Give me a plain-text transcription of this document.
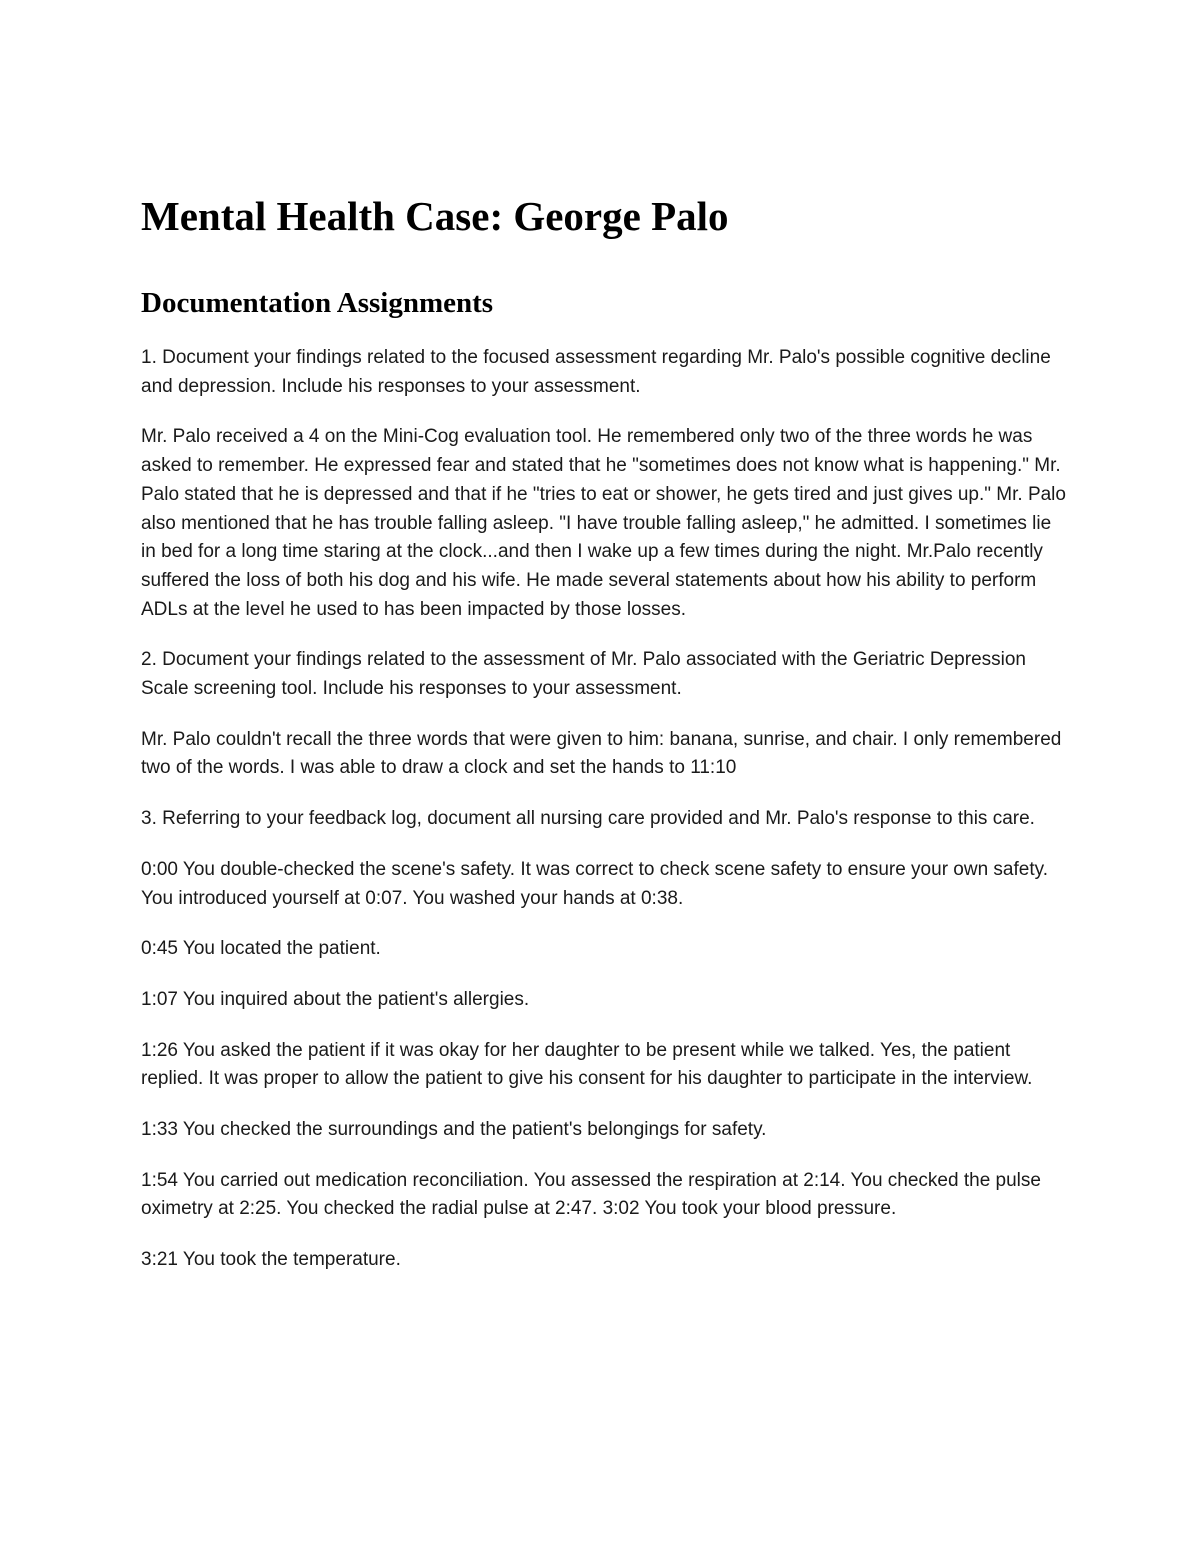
Mental Health Case: George Palo
Documentation Assignments

1. Document your findings related to the focused assessment regarding Mr. Palo's possible cognitive decline and depression. Include his responses to your assessment.

Mr. Palo received a 4 on the Mini-Cog evaluation tool. He remembered only two of the three words he was asked to remember. He expressed fear and stated that he "sometimes does not know what is happening." Mr. Palo stated that he is depressed and that if he "tries to eat or shower, he gets tired and just gives up." Mr. Palo also mentioned that he has trouble falling asleep. "I have trouble falling asleep," he admitted. I sometimes lie in bed for a long time staring at the clock...and then I wake up a few times during the night. Mr.Palo recently suffered the loss of both his dog and his wife. He made several statements about how his ability to perform ADLs at the level he used to has been impacted by those losses.

2. Document your findings related to the assessment of Mr. Palo associated with the Geriatric Depression Scale screening tool. Include his responses to your assessment.

Mr. Palo couldn't recall the three words that were given to him: banana, sunrise, and chair. I only remembered two of the words. I was able to draw a clock and set the hands to 11:10

3. Referring to your feedback log, document all nursing care provided and Mr. Palo's response to this care.

0:00 You double-checked the scene's safety. It was correct to check scene safety to ensure your own safety. You introduced yourself at 0:07. You washed your hands at 0:38.

0:45 You located the patient.

1:07 You inquired about the patient's allergies.

1:26 You asked the patient if it was okay for her daughter to be present while we talked. Yes, the patient replied. It was proper to allow the patient to give his consent for his daughter to participate in the interview.

1:33 You checked the surroundings and the patient's belongings for safety.

1:54 You carried out medication reconciliation. You assessed the respiration at 2:14. You checked the pulse oximetry at 2:25. You checked the radial pulse at 2:47. 3:02 You took your blood pressure.

3:21 You took the temperature.
